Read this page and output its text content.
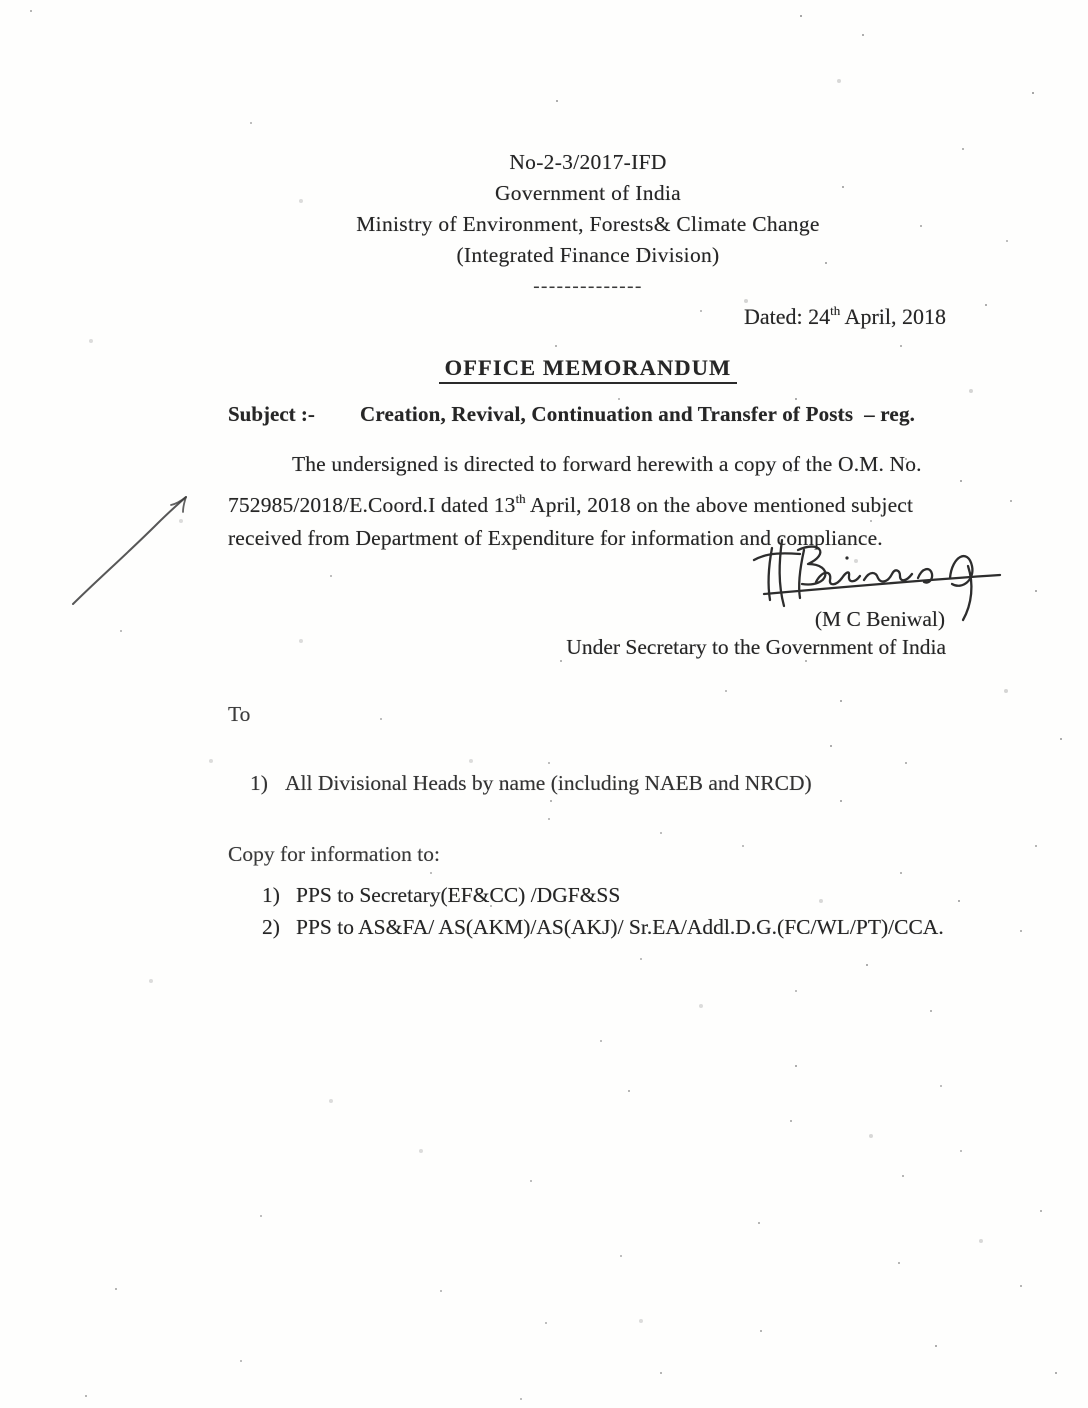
No-2-3/2017-IFD
Government of India
Ministry of Environment, Forests& Climate Change
(Integrated Finance Division)
--------------
Dated: 24th April, 2018
OFFICE MEMORANDUM
Subject :-	Creation, Revival, Continuation and Transfer of Posts  – reg.
The undersigned is directed to forward herewith a copy of the O.M. No.
752985/2018/E.Coord.I dated 13th April, 2018 on the above mentioned subject
received from Department of Expenditure for information and compliance.
(M C Beniwal)
Under Secretary to the Government of India
To
1) All Divisional Heads by name (including NAEB and NRCD)
Copy for information to:
1) PPS to Secretary(EF&CC) /DGF&SS
2) PPS to AS&FA/ AS(AKM)/AS(AKJ)/ Sr.EA/Addl.D.G.(FC/WL/PT)/CCA.
